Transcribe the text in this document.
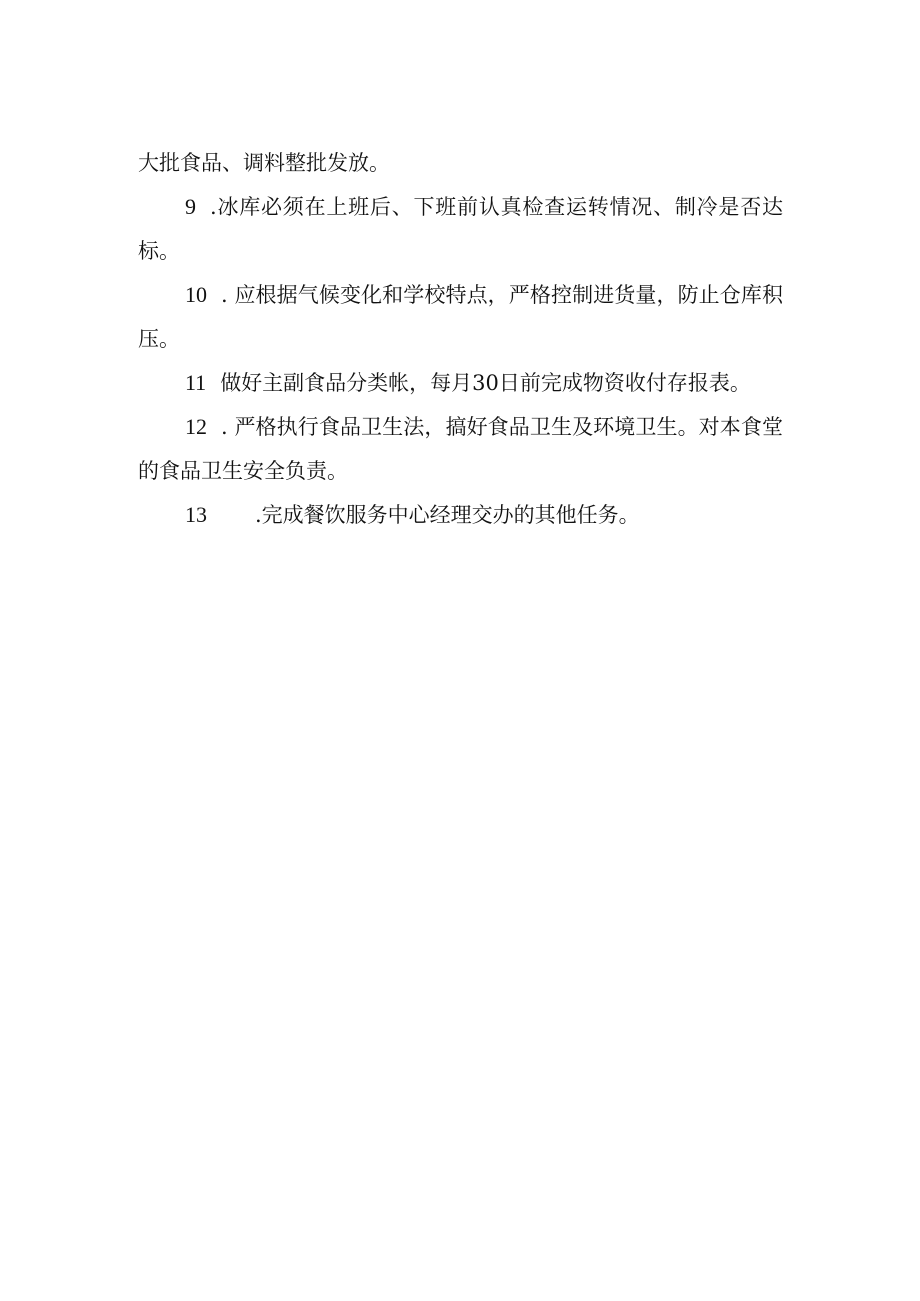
大批食品、调料整批发放。

9 .冰库必须在上班后、下班前认真检查运转情况、制冷是否达标。

10 . 应根据气候变化和学校特点，严格控制进货量，防止仓库积压。

11 做好主副食品分类帐，每月30日前完成物资收付存报表。

12 . 严格执行食品卫生法，搞好食品卫生及环境卫生。对本食堂的食品卫生安全负责。

13 .完成餐饮服务中心经理交办的其他任务。
